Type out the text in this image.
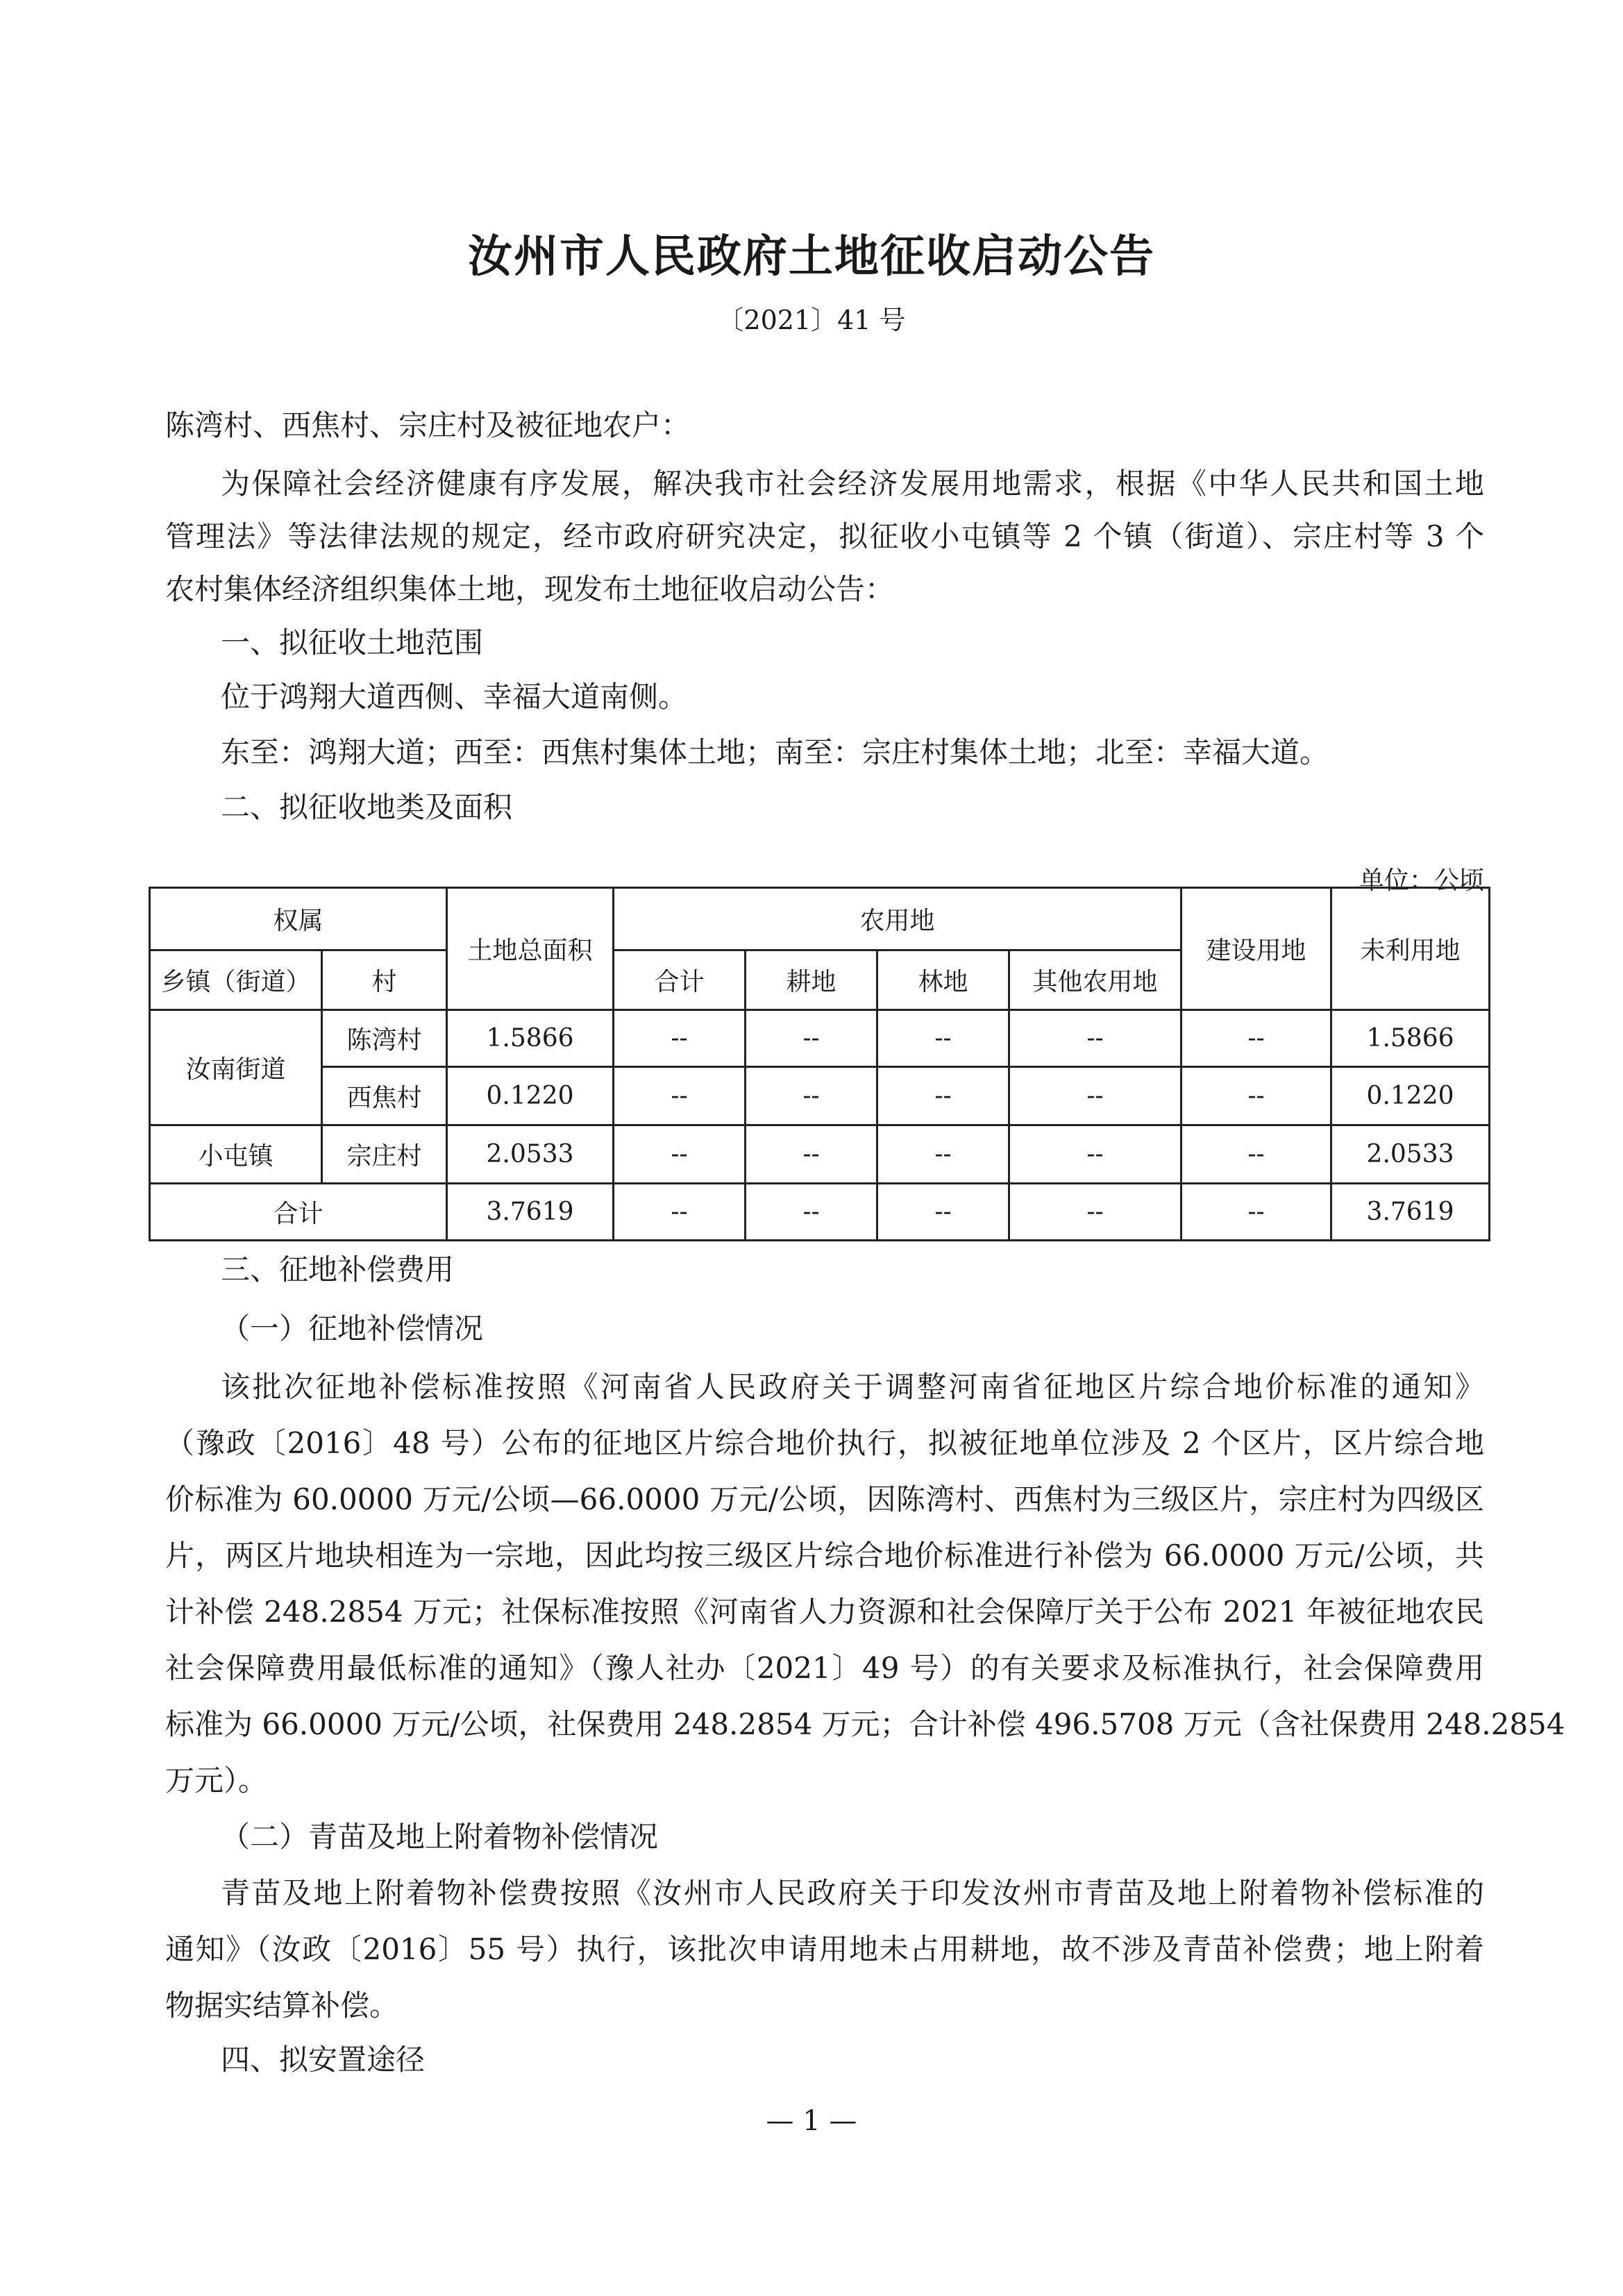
汝州市人民政府土地征收启动公告
〔2021〕41 号
陈湾村、西焦村、宗庄村及被征地农户：
为保障社会经济健康有序发展，解决我市社会经济发展用地需求，根据《中华人民共和国土地
管理法》等法律法规的规定，经市政府研究决定，拟征收小屯镇等 2 个镇（街道）、宗庄村等 3 个
农村集体经济组织集体土地，现发布土地征收启动公告：
一、拟征收土地范围
位于鸿翔大道西侧、幸福大道南侧。
东至：鸿翔大道；西至：西焦村集体土地；南至：宗庄村集体土地；北至：幸福大道。
二、拟征收地类及面积
单位：公顷
权属		土地总面积	农用地				建设用地	未利用地
乡镇（街道）	村		合计	耕地	林地	其他农用地		
汝南街道	陈湾村	1.5866	--	--	--	--	--	1.5866
	西焦村	0.1220	--	--	--	--	--	0.1220
小屯镇	宗庄村	2.0533	--	--	--	--	--	2.0533
合计		3.7619	--	--	--	--	--	3.7619
三、征地补偿费用
（一）征地补偿情况
该批次征地补偿标准按照《河南省人民政府关于调整河南省征地区片综合地价标准的通知》
（豫政〔2016〕48 号）公布的征地区片综合地价执行，拟被征地单位涉及 2 个区片，区片综合地
价标准为 60.0000 万元/公顷—66.0000 万元/公顷，因陈湾村、西焦村为三级区片，宗庄村为四级区
片，两区片地块相连为一宗地，因此均按三级区片综合地价标准进行补偿为 66.0000 万元/公顷，共
计补偿 248.2854 万元；社保标准按照《河南省人力资源和社会保障厅关于公布 2021 年被征地农民
社会保障费用最低标准的通知》（豫人社办〔2021〕49 号）的有关要求及标准执行，社会保障费用
标准为 66.0000 万元/公顷，社保费用 248.2854 万元；合计补偿 496.5708 万元（含社保费用 248.2854
万元）。
（二）青苗及地上附着物补偿情况
青苗及地上附着物补偿费按照《汝州市人民政府关于印发汝州市青苗及地上附着物补偿标准的
通知》（汝政〔2016〕55 号）执行，该批次申请用地未占用耕地，故不涉及青苗补偿费；地上附着
物据实结算补偿。
四、拟安置途径
— 1 —
